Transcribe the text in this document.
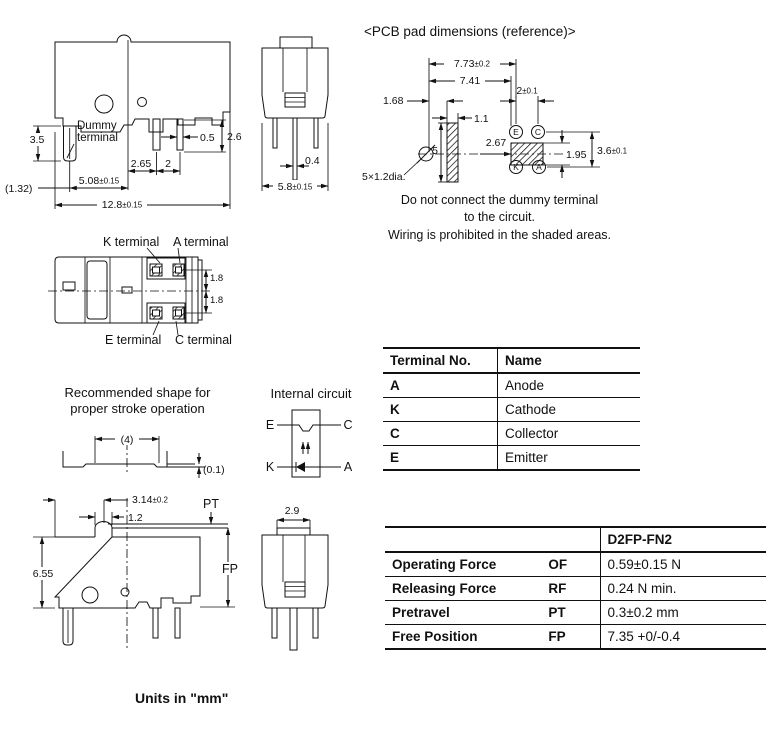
3.5
Dummy
terminal	0.5 2.6
2.65 2
5.08±0.15
(1.32)
12.8±0.15
0.4
5.8±0.15
<PCB pad dimensions (reference)>
7.73±0.2
7.41
2±0.1
1.68
1.1
5
5×1.2dia.
2.67
E C
K A
1.95 3.6±0.1
Do not connect the dummy terminal
to the circuit.
Wiring is prohibited in the shaded areas.
K terminal A terminal
1.8
1.8
E terminal C terminal
Terminal No.	Name
A	Anode
K	Cathode
C	Collector
E	Emitter
Recommended shape for
proper stroke operation
(4)
(0.1)
Internal circuit
E	C
K	A
3.14±0.2
1.2
PT
6.55	FP
2.9
		D2FP-FN2
Operating Force	OF	0.59±0.15 N
Releasing Force	RF	0.24 N min.
Pretravel	PT	0.3±0.2 mm
Free Position	FP	7.35 +0/-0.4
Units in "mm"
